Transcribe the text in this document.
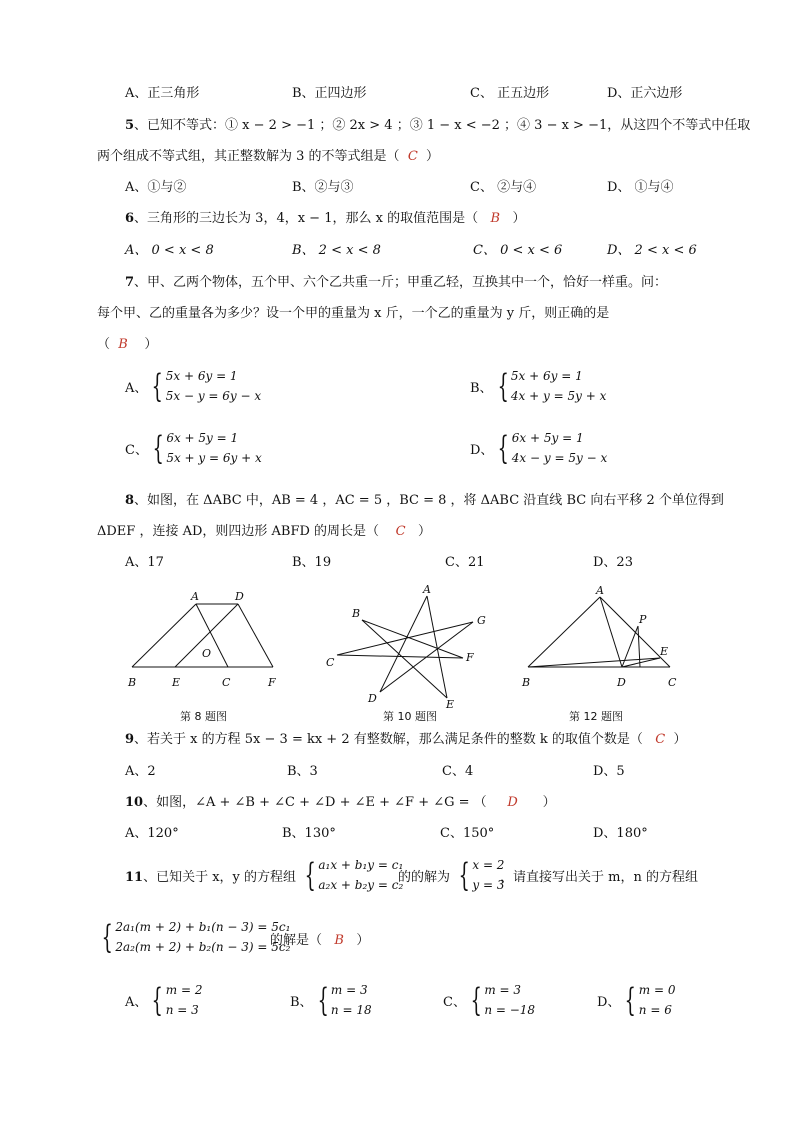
A、正三角形	B、正四边形	C、 正五边形	D、正六边形
5、已知不等式：① x − 2 > −1 ；② 2x > 4 ；③ 1 − x < −2 ；④ 3 − x > −1，从这四个不等式中任取
两个组成不等式组，其正整数解为 3 的不等式组是（ C ）
A、①与②	B、②与③	C、 ②与④	D、 ①与④
6、三角形的三边长为 3，4，x − 1，那么 x 的取值范围是（ B ）
A、 0 < x < 8	B、 2 < x < 8	C、 0 < x < 6	D、 2 < x < 6
7、甲、乙两个物体，五个甲、六个乙共重一斤；甲重乙轻，互换其中一个，恰好一样重。问：
每个甲、乙的重量各为多少？设一个甲的重量为 x 斤，一个乙的重量为 y 斤，则正确的是
（ B ）
A、 { 5x + 6y = 1
5x − y = 6y − x
B、 { 5x + 6y = 1
4x + y = 5y + x
C、 { 6x + 5y = 1
5x + y = 6y + x
D、 { 6x + 5y = 1
4x − y = 5y − x
8、如图，在 ΔABC 中，AB = 4 ，AC = 5 ，BC = 8 ，将 ΔABC 沿直线 BC 向右平移 2 个单位得到
ΔDEF ，连接 AD，则四边形 ABFD 的周长是（ C ）
A、17	B、19	C、21	D、23
A	D
O
B	E	C	F
第 8 题图
A
B
G
C	F
D	E
第 10 题图
A
P
E
B	D	C
第 12 题图
9、若关于 x 的方程 5x − 3 = kx + 2 有整数解，那么满足条件的整数 k 的取值个数是（ C ）
A、2	B、3	C、4	D、5
10、如图，∠A + ∠B + ∠C + ∠D + ∠E + ∠F + ∠G = （ D ）
A、120°	B、130°	C、150°	D、180°
11、已知关于 x，y 的方程组 { a₁x + b₁y = c₁
a₂x + b₂y = c₂
的的解为 { x = 2
y = 3
，请直接写出关于 m，n 的方程组
{ 2a₁(m + 2) + b₁(n − 3) = 5c₁
2a₂(m + 2) + b₂(n − 3) = 5c₂
的解是（ B ）
A、 { m = 2
n = 3
B、 { m = 3
n = 18
C、 { m = 3
n = −18
D、 { m = 0
n = 6
